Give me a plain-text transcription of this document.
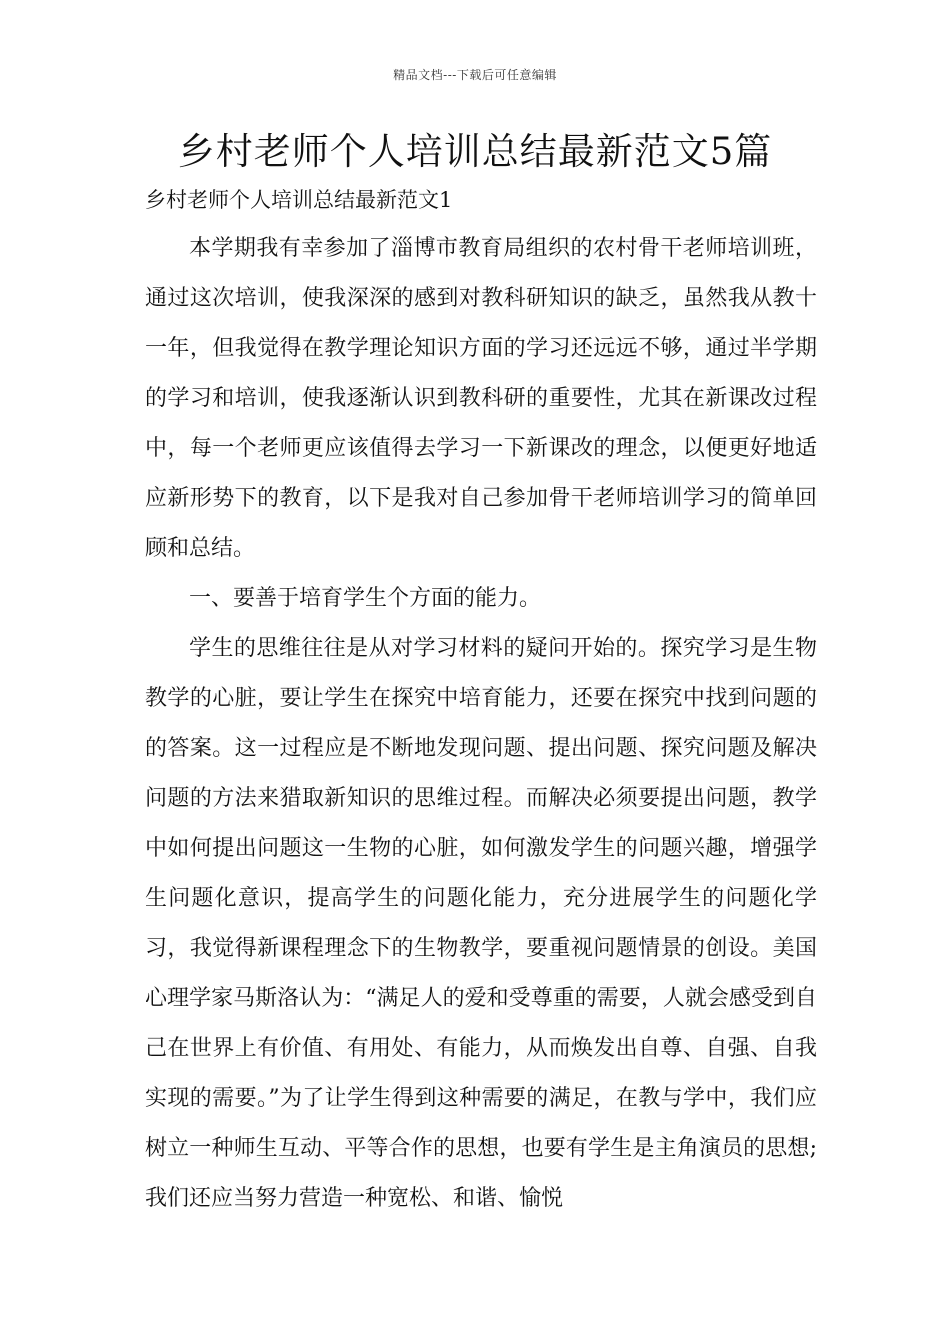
精品文档---下载后可任意编辑
乡村老师个人培训总结最新范文5篇

乡村老师个人培训总结最新范文1

本学期我有幸参加了淄博市教育局组织的农村骨干老师培训班，通过这次培训，使我深深的感到对教科研知识的缺乏，虽然我从教十一年，但我觉得在教学理论知识方面的学习还远远不够，通过半学期的学习和培训，使我逐渐认识到教科研的重要性，尤其在新课改过程中，每一个老师更应该值得去学习一下新课改的理念，以便更好地适应新形势下的教育，以下是我对自己参加骨干老师培训学习的简单回顾和总结。

一、要善于培育学生个方面的能力。

学生的思维往往是从对学习材料的疑问开始的。探究学习是生物教学的心脏，要让学生在探究中培育能力，还要在探究中找到问题的的答案。这一过程应是不断地发现问题、提出问题、探究问题及解决问题的方法来猎取新知识的思维过程。而解决必须要提出问题，教学中如何提出问题这一生物的心脏，如何激发学生的问题兴趣，增强学生问题化意识，提高学生的问题化能力，充分进展学生的问题化学习，我觉得新课程理念下的生物教学，要重视问题情景的创设。美国心理学家马斯洛认为：“满足人的爱和受尊重的需要，人就会感受到自己在世界上有价值、有用处、有能力，从而焕发出自尊、自强、自我实现的需要。”为了让学生得到这种需要的满足，在教与学中，我们应树立一种师生互动、平等合作的思想，也要有学生是主角演员的思想;我们还应当努力营造一种宽松、和谐、愉悦
